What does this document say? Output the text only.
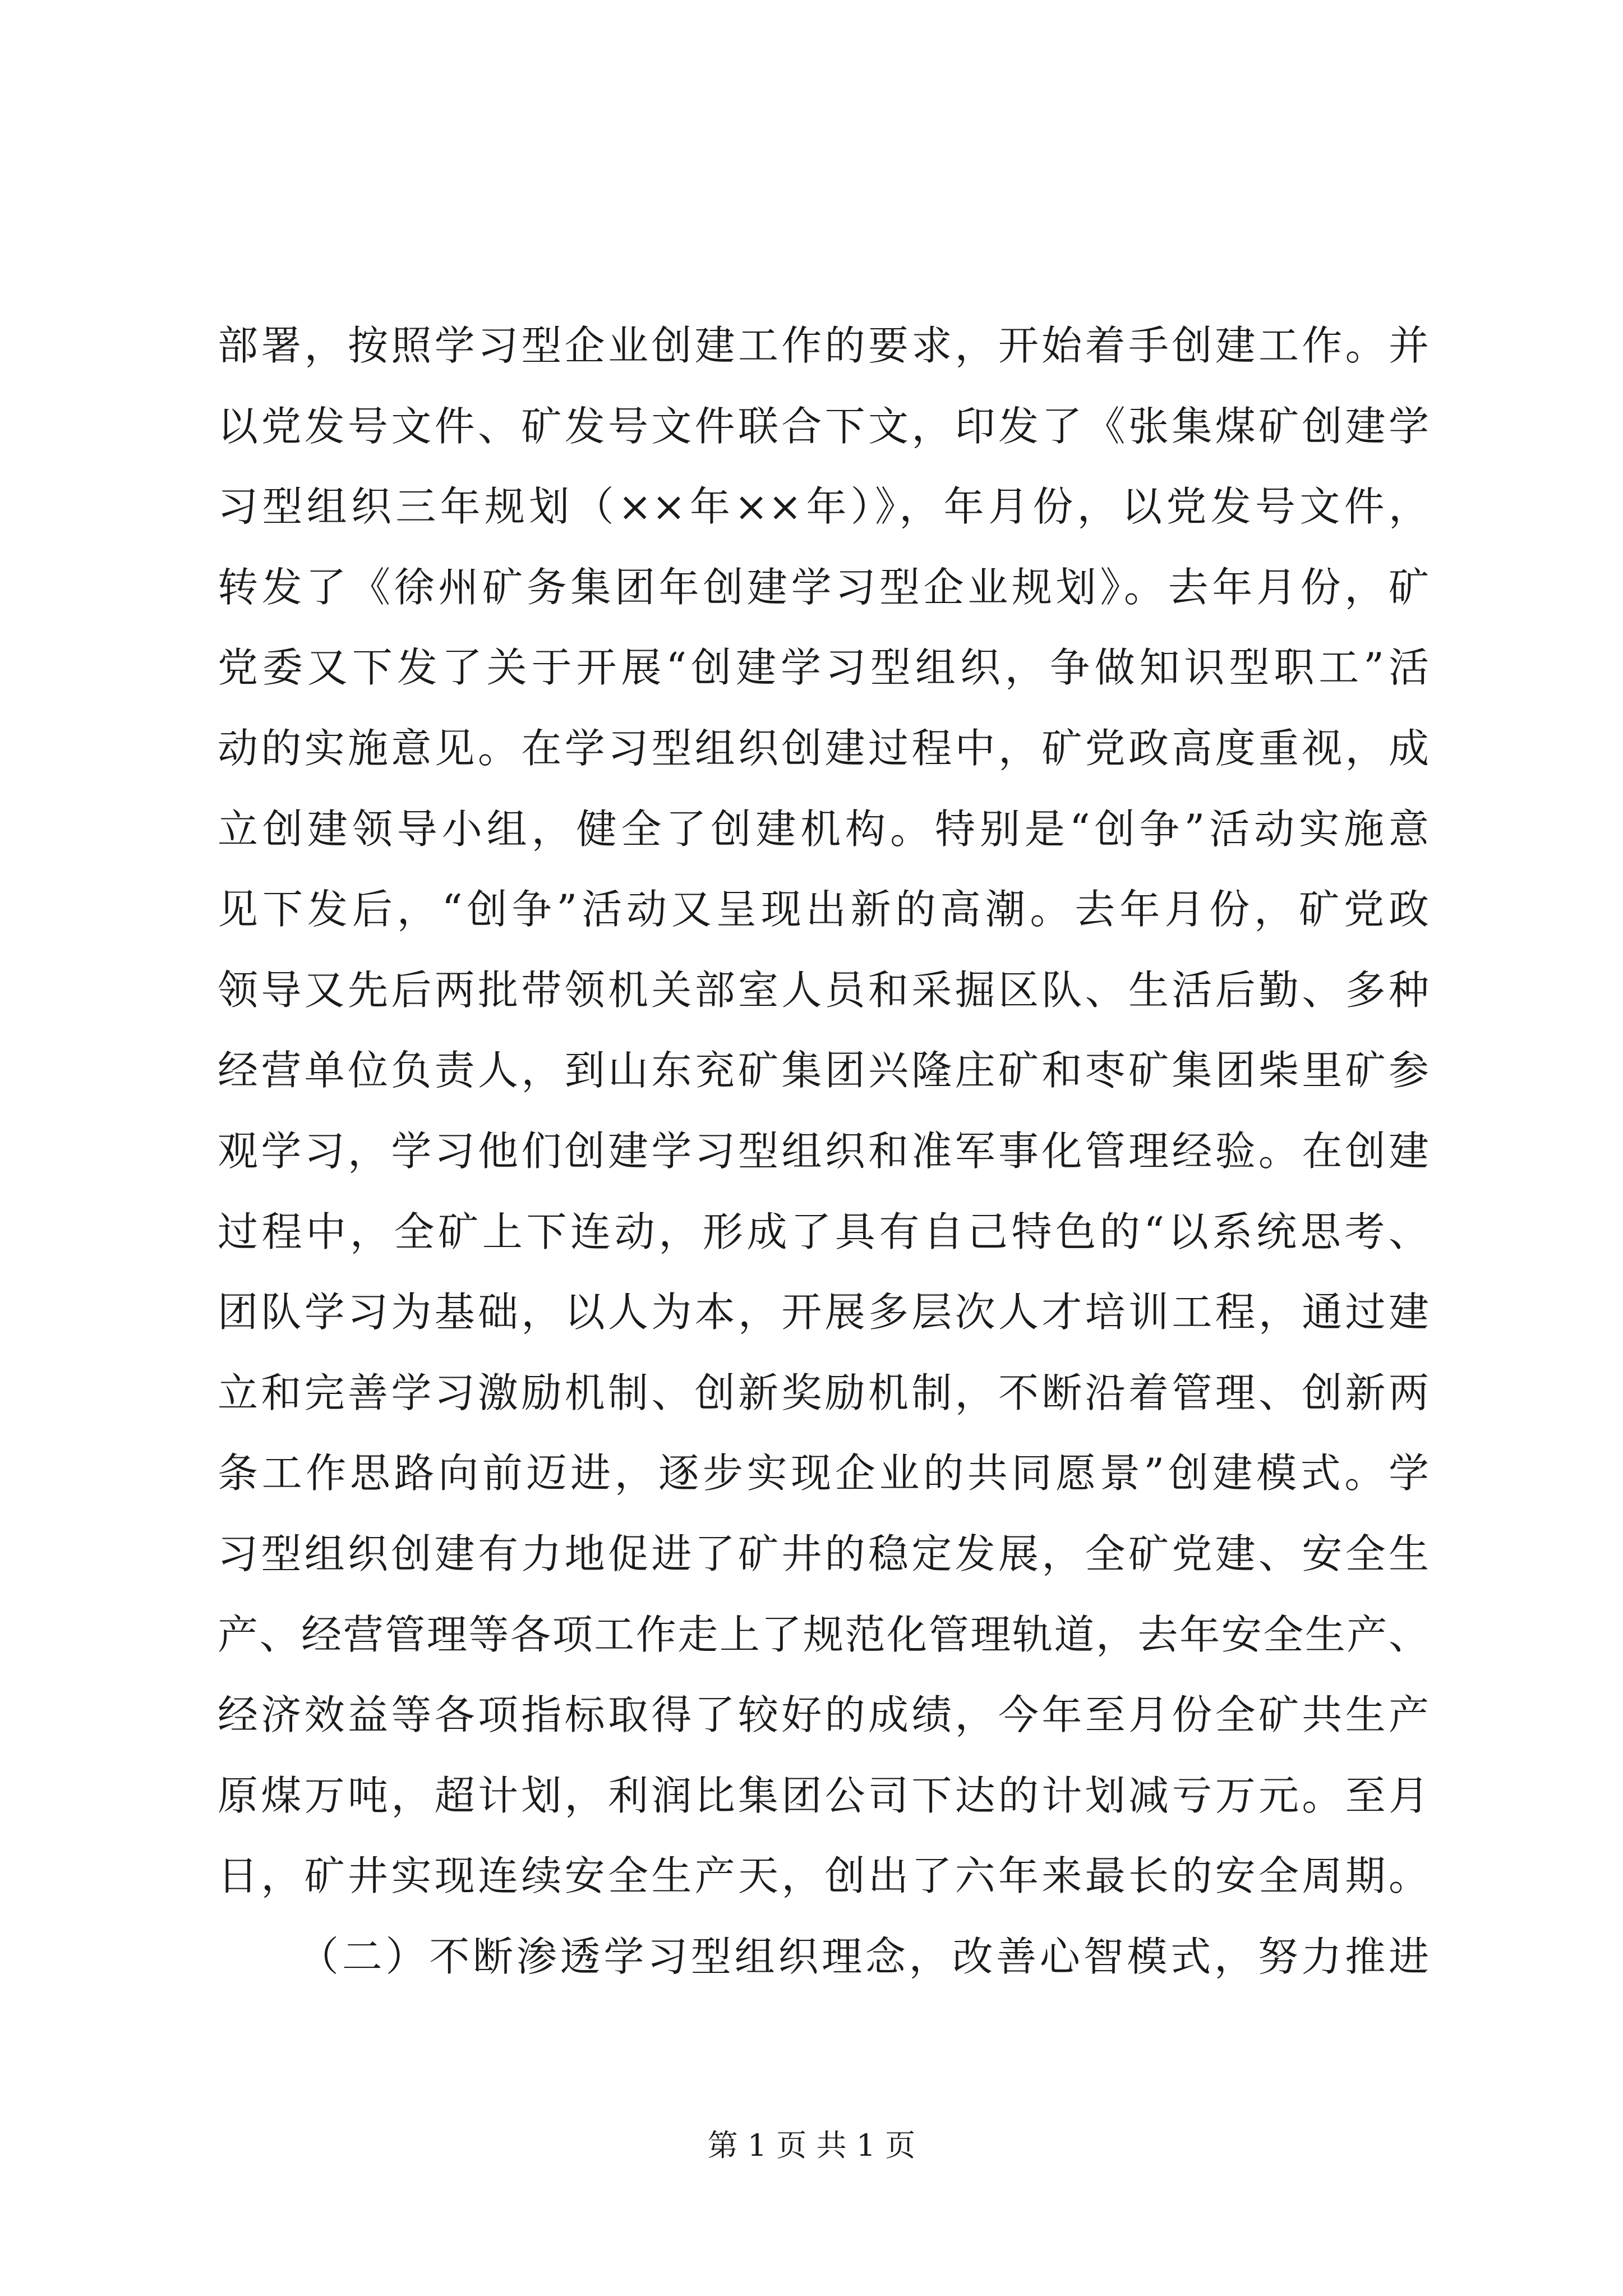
部署，按照学习型企业创建工作的要求，开始着手创建工作。并
以党发号文件、矿发号文件联合下文，印发了《张集煤矿创建学
习型组织三年规划（××年××年）》，年月份，以党发号文件，
转发了《徐州矿务集团年创建学习型企业规划》。去年月份，矿
党委又下发了关于开展“创建学习型组织，争做知识型职工”活
动的实施意见。在学习型组织创建过程中，矿党政高度重视，成
立创建领导小组，健全了创建机构。特别是“创争”活动实施意
见下发后，“创争”活动又呈现出新的高潮。去年月份，矿党政
领导又先后两批带领机关部室人员和采掘区队、生活后勤、多种
经营单位负责人，到山东兖矿集团兴隆庄矿和枣矿集团柴里矿参
观学习，学习他们创建学习型组织和准军事化管理经验。在创建
过程中，全矿上下连动，形成了具有自己特色的“以系统思考、
团队学习为基础，以人为本，开展多层次人才培训工程，通过建
立和完善学习激励机制、创新奖励机制，不断沿着管理、创新两
条工作思路向前迈进，逐步实现企业的共同愿景”创建模式。学
习型组织创建有力地促进了矿井的稳定发展，全矿党建、安全生
产、经营管理等各项工作走上了规范化管理轨道，去年安全生产、
经济效益等各项指标取得了较好的成绩，今年至月份全矿共生产
原煤万吨，超计划，利润比集团公司下达的计划减亏万元。至月
日，矿井实现连续安全生产天，创出了六年来最长的安全周期。
（二）不断渗透学习型组织理念，改善心智模式，努力推进
第 1 页 共 1 页
